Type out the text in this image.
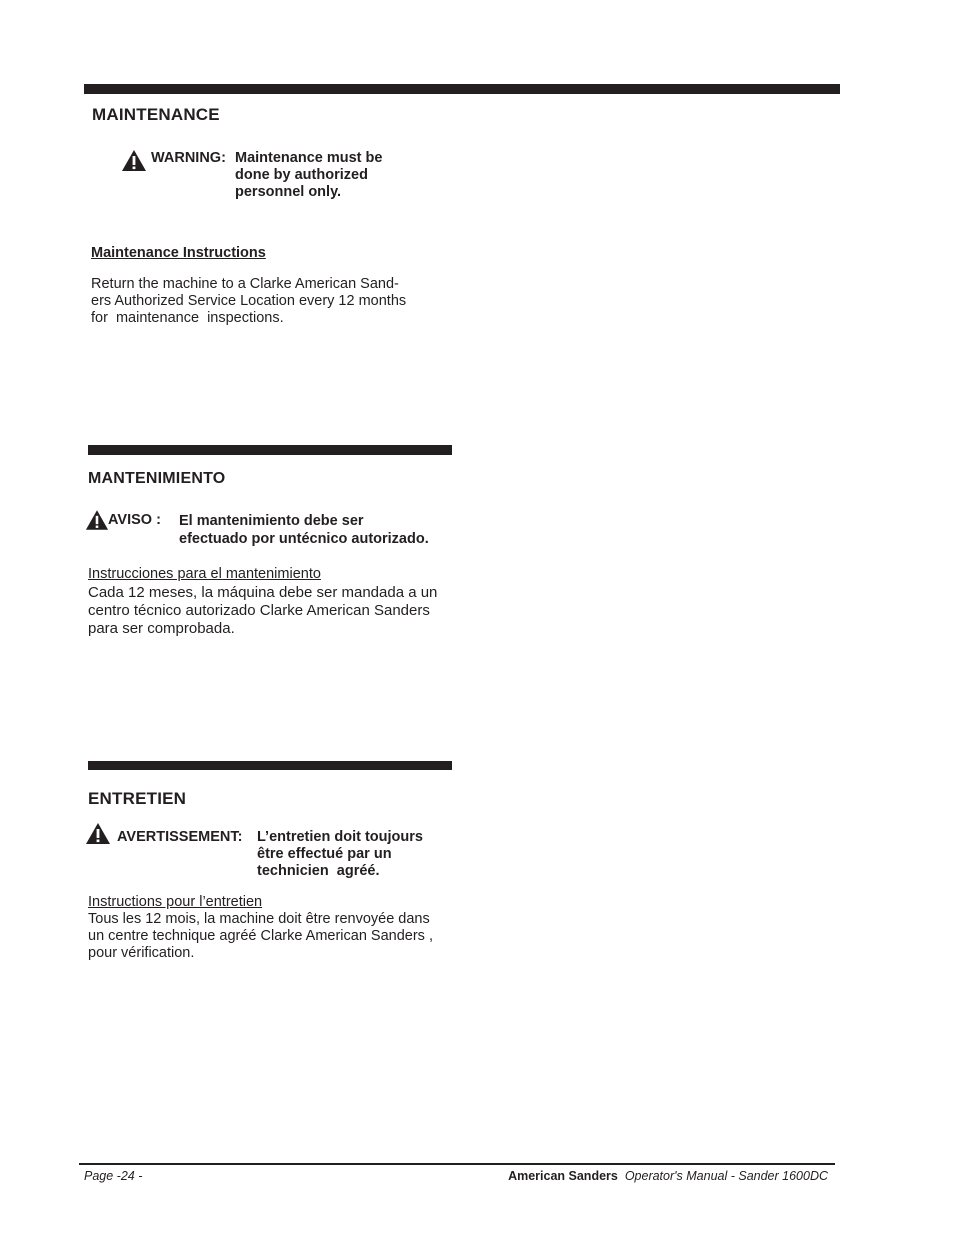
MAINTENANCE
WARNING: Maintenance must be
done by authorized
personnel only.
Maintenance Instructions
Return the machine to a Clarke American Sand-
ers Authorized Service Location every 12 months
for  maintenance  inspections.
MANTENIMIENTO
AVISO : El mantenimiento debe ser
efectuado por untécnico autorizado.
Instrucciones para el mantenimiento
Cada 12 meses, la máquina debe ser mandada a un
centro técnico autorizado Clarke American Sanders
para ser comprobada.
ENTRETIEN
AVERTISSEMENT: L’entretien doit toujours
être effectué par un
technicien  agréé.
Instructions pour l’entretien
Tous les 12 mois, la machine doit être renvoyée dans
un centre technique agréé Clarke American Sanders ,
pour vérification.
Page -24 -	American Sanders Operator's Manual - Sander 1600DC
